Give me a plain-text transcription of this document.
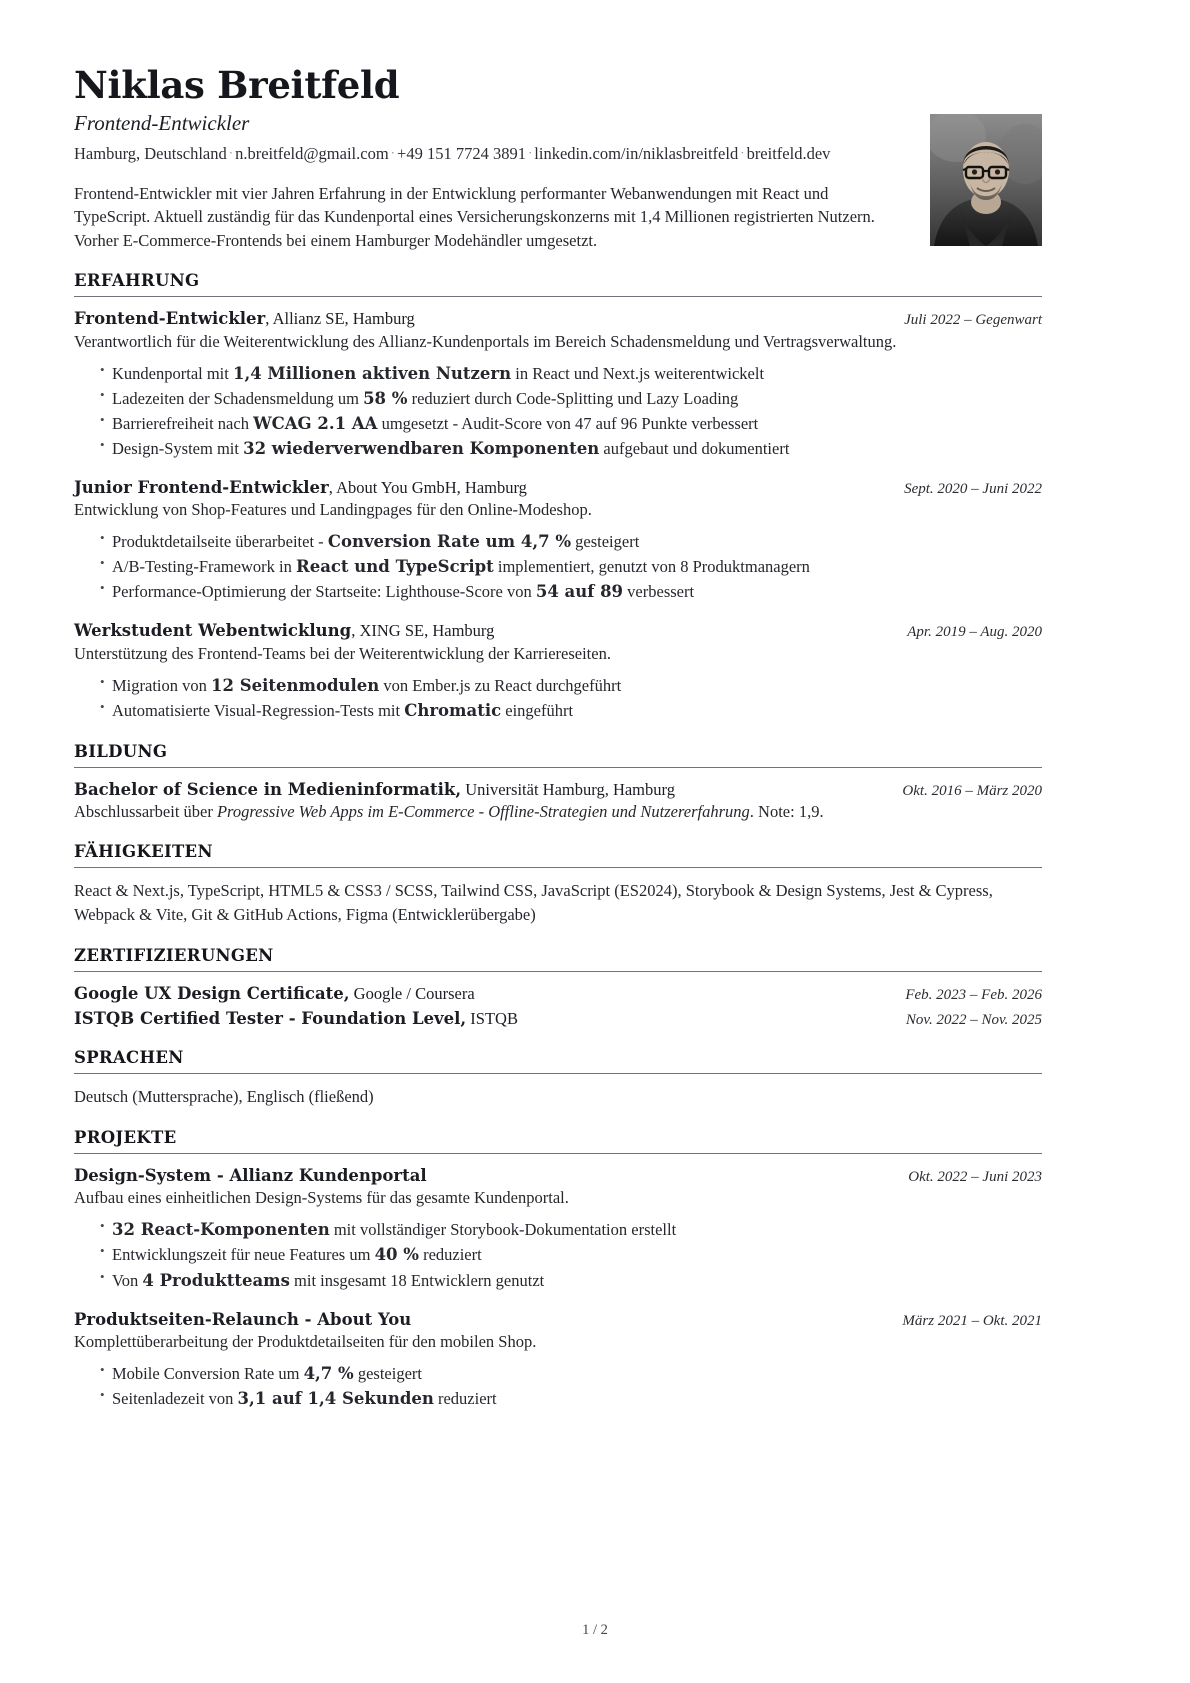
Niklas Breitfeld
Frontend-Entwickler
Hamburg, Deutschland · n.breitfeld@gmail.com · +49 151 7724 3891 · linkedin.com/in/niklasbreitfeld · breitfeld.dev
Frontend-Entwickler mit vier Jahren Erfahrung in der Entwicklung performanter Webanwendungen mit React und TypeScript. Aktuell zuständig für das Kundenportal eines Versicherungskonzerns mit 1,4 Millionen registrierten Nutzern. Vorher E-Commerce-Frontends bei einem Hamburger Modehändler umgesetzt.
ERFAHRUNG
Frontend-Entwickler, Allianz SE, Hamburg	Juli 2022 – Gegenwart
Verantwortlich für die Weiterentwicklung des Allianz-Kundenportals im Bereich Schadensmeldung und Vertragsverwaltung.
• Kundenportal mit 1,4 Millionen aktiven Nutzern in React und Next.js weiterentwickelt
• Ladezeiten der Schadensmeldung um 58 % reduziert durch Code-Splitting und Lazy Loading
• Barrierefreiheit nach WCAG 2.1 AA umgesetzt - Audit-Score von 47 auf 96 Punkte verbessert
• Design-System mit 32 wiederverwendbaren Komponenten aufgebaut und dokumentiert
Junior Frontend-Entwickler, About You GmbH, Hamburg	Sept. 2020 – Juni 2022
Entwicklung von Shop-Features und Landingpages für den Online-Modeshop.
• Produktdetailseite überarbeitet - Conversion Rate um 4,7 % gesteigert
• A/B-Testing-Framework in React und TypeScript implementiert, genutzt von 8 Produktmanagern
• Performance-Optimierung der Startseite: Lighthouse-Score von 54 auf 89 verbessert
Werkstudent Webentwicklung, XING SE, Hamburg	Apr. 2019 – Aug. 2020
Unterstützung des Frontend-Teams bei der Weiterentwicklung der Karriereseiten.
• Migration von 12 Seitenmodulen von Ember.js zu React durchgeführt
• Automatisierte Visual-Regression-Tests mit Chromatic eingeführt
BILDUNG
Bachelor of Science in Medieninformatik, Universität Hamburg, Hamburg	Okt. 2016 – März 2020
Abschlussarbeit über Progressive Web Apps im E-Commerce - Offline-Strategien und Nutzererfahrung. Note: 1,9.
FÄHIGKEITEN
React & Next.js, TypeScript, HTML5 & CSS3 / SCSS, Tailwind CSS, JavaScript (ES2024), Storybook & Design Systems, Jest & Cypress, Webpack & Vite, Git & GitHub Actions, Figma (Entwicklerübergabe)
ZERTIFIZIERUNGEN
Google UX Design Certificate, Google / Coursera	Feb. 2023 – Feb. 2026
ISTQB Certified Tester - Foundation Level, ISTQB	Nov. 2022 – Nov. 2025
SPRACHEN
Deutsch (Muttersprache), Englisch (fließend)
PROJEKTE
Design-System - Allianz Kundenportal	Okt. 2022 – Juni 2023
Aufbau eines einheitlichen Design-Systems für das gesamte Kundenportal.
• 32 React-Komponenten mit vollständiger Storybook-Dokumentation erstellt
• Entwicklungszeit für neue Features um 40 % reduziert
• Von 4 Produktteams mit insgesamt 18 Entwicklern genutzt
Produktseiten-Relaunch - About You	März 2021 – Okt. 2021
Komplettüberarbeitung der Produktdetailseiten für den mobilen Shop.
• Mobile Conversion Rate um 4,7 % gesteigert
• Seitenladezeit von 3,1 auf 1,4 Sekunden reduziert
1 / 2
